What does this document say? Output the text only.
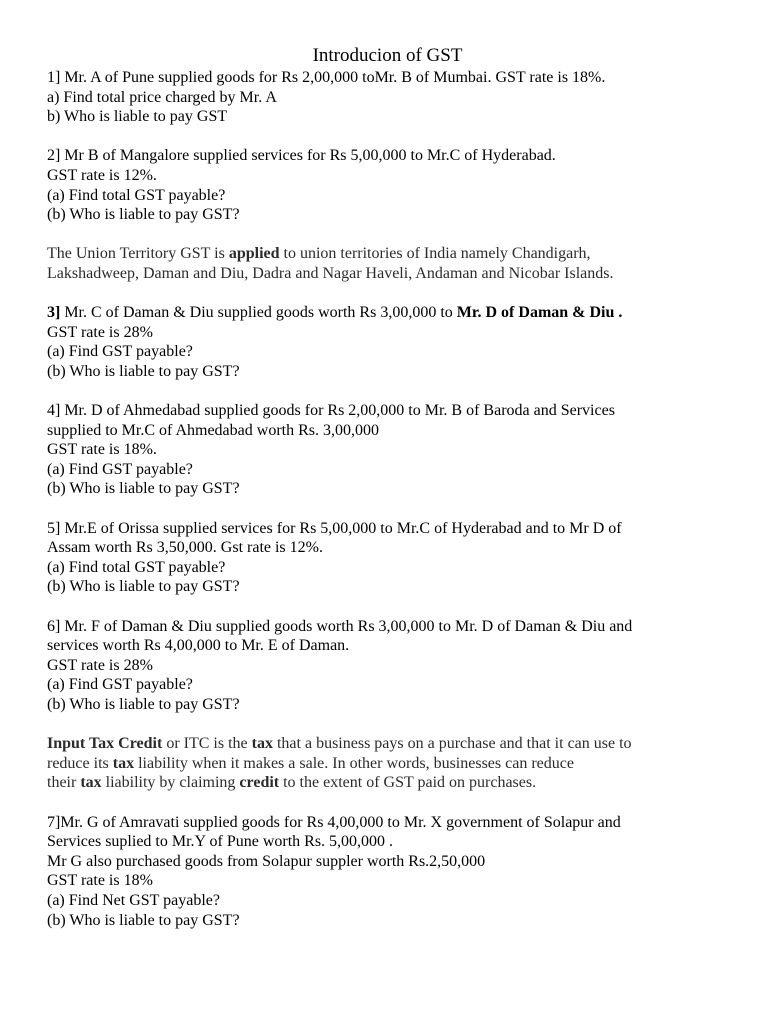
Introducion of GST
1] Mr. A of Pune supplied goods for Rs 2,00,000 toMr. B of Mumbai. GST rate is 18%.
a) Find total price charged by Mr. A
b) Who is liable to pay GST
2] Mr B of Mangalore supplied services for Rs 5,00,000 to Mr.C of Hyderabad.
GST rate is 12%.
(a) Find total GST payable?
(b) Who is liable to pay GST?
The Union Territory GST is applied to union territories of India namely Chandigarh,
Lakshadweep, Daman and Diu, Dadra and Nagar Haveli, Andaman and Nicobar Islands.
3] Mr. C of Daman & Diu supplied goods worth Rs 3,00,000 to Mr. D of Daman & Diu .
GST rate is 28%
(a) Find GST payable?
(b) Who is liable to pay GST?
4] Mr. D of Ahmedabad supplied goods for Rs 2,00,000 to Mr. B of Baroda and Services
supplied to Mr.C of Ahmedabad worth Rs. 3,00,000
GST rate is 18%.
(a) Find GST payable?
(b) Who is liable to pay GST?
5] Mr.E of Orissa supplied services for Rs 5,00,000 to Mr.C of Hyderabad and to Mr D of
Assam worth Rs 3,50,000. Gst rate is 12%.
(a) Find total GST payable?
(b) Who is liable to pay GST?
6] Mr. F of Daman & Diu supplied goods worth Rs 3,00,000 to Mr. D of Daman & Diu and
services worth Rs 4,00,000 to Mr. E of Daman.
GST rate is 28%
(a) Find GST payable?
(b) Who is liable to pay GST?
Input Tax Credit or ITC is the tax that a business pays on a purchase and that it can use to
reduce its tax liability when it makes a sale. In other words, businesses can reduce
their tax liability by claiming credit to the extent of GST paid on purchases.
7]Mr. G of Amravati supplied goods for Rs 4,00,000 to Mr. X government of Solapur and
Services suplied to Mr.Y of Pune worth Rs. 5,00,000 .
Mr G also purchased goods from Solapur suppler worth Rs.2,50,000
GST rate is 18%
(a) Find Net GST payable?
(b) Who is liable to pay GST?
